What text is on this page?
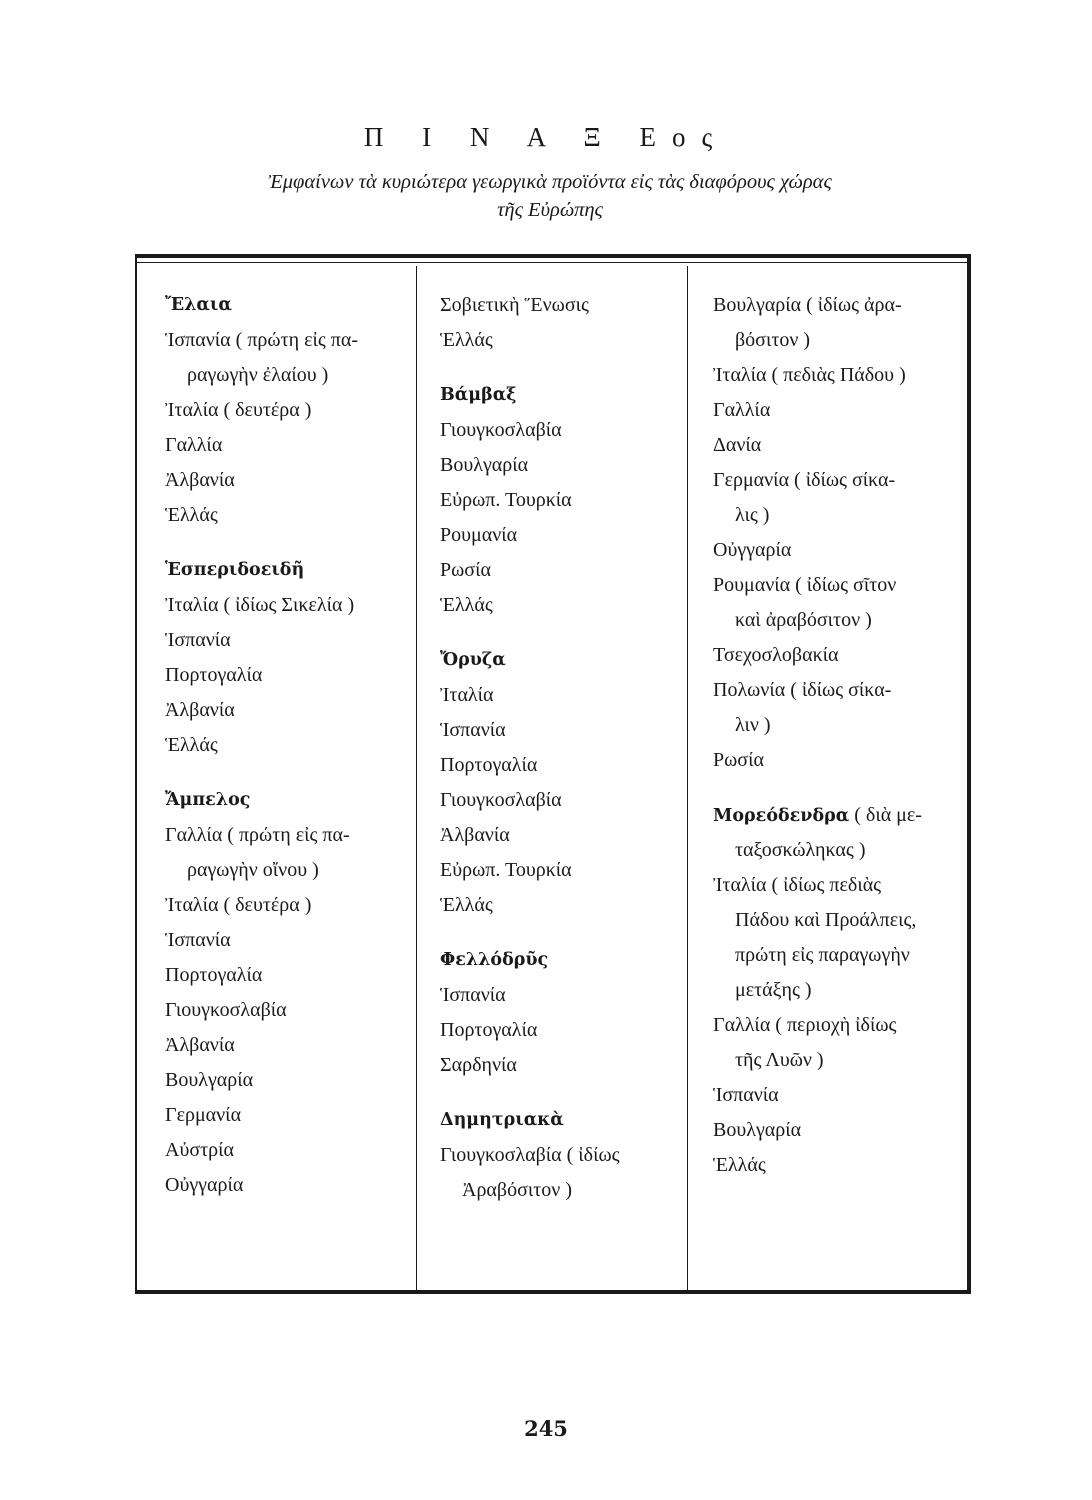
Π Ι Ν Α Ξ Εος
Ἐμφαίνων τὰ κυριώτερα γεωργικὰ προϊόντα εἰς τὰς διαφόρους χώρας
τῆς Εὐρώπης
Ἔλαια
Ἱσπανία ( πρώτη εἰς πα-
ραγωγὴν ἐλαίου )
Ἰταλία ( δευτέρα )
Γαλλία
Ἀλβανία
Ἑλλάς
Ἑσπεριδοειδῆ
Ἰταλία ( ἰδίως Σικελία )
Ἱσπανία
Πορτογαλία
Ἀλβανία
Ἑλλάς
Ἄμπελος
Γαλλία ( πρώτη εἰς πα-
ραγωγὴν οἴνου )
Ἰταλία ( δευτέρα )
Ἱσπανία
Πορτογαλία
Γιουγκοσλαβία
Ἀλβανία
Βουλγαρία
Γερμανία
Αὐστρία
Οὐγγαρία
Σοβιετικὴ Ἕνωσις
Ἑλλάς
Βάμβαξ
Γιουγκοσλαβία
Βουλγαρία
Εὐρωπ. Τουρκία
Ρουμανία
Ρωσία
Ἑλλάς
Ὄρυζα
Ἰταλία
Ἱσπανία
Πορτογαλία
Γιουγκοσλαβία
Ἀλβανία
Εὐρωπ. Τουρκία
Ἑλλάς
Φελλόδρῦς
Ἱσπανία
Πορτογαλία
Σαρδηνία
Δημητριακὰ
Γιουγκοσλαβία ( ἰδίως
Ἀραβόσιτον )
Βουλγαρία ( ἰδίως ἀρα-
βόσιτον )
Ἰταλία ( πεδιὰς Πάδου )
Γαλλία
Δανία
Γερμανία ( ἰδίως σίκα-
λις )
Οὐγγαρία
Ρουμανία ( ἰδίως σῖτον
καὶ ἀραβόσιτον )
Τσεχοσλοβακία
Πολωνία ( ἰδίως σίκα-
λιν )
Ρωσία
Μορεόδενδρα ( διὰ με-
ταξοσκώληκας )
Ἰταλία ( ἰδίως πεδιὰς
Πάδου καὶ Προάλπεις,
πρώτη εἰς παραγωγὴν
μετάξης )
Γαλλία ( περιοχὴ ἰδίως
τῆς Λυῶν )
Ἱσπανία
Βουλγαρία
Ἑλλάς
245
